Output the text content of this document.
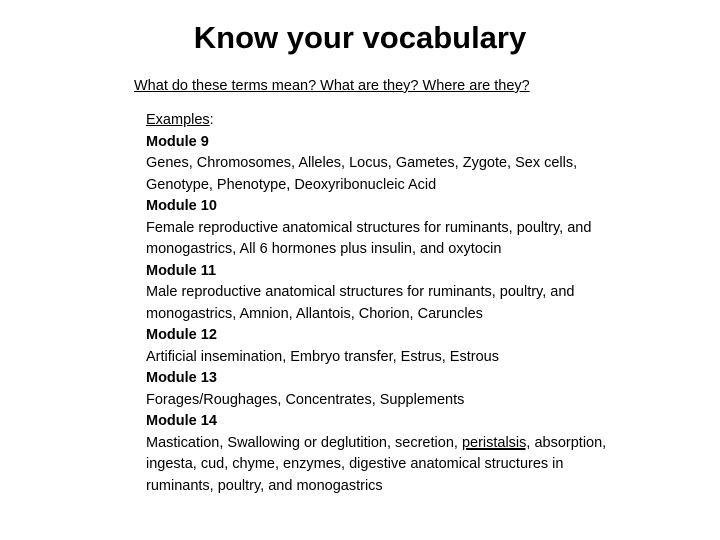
Know your vocabulary
What do these terms mean? What are they? Where are they?

Examples:

Module 9

Genes, Chromosomes, Alleles, Locus, Gametes, Zygote, Sex cells, Genotype, Phenotype, Deoxyribonucleic Acid

Module 10

Female reproductive anatomical structures for ruminants, poultry, and monogastrics, All 6 hormones plus insulin, and oxytocin

Module 11

Male reproductive anatomical structures for ruminants, poultry, and monogastrics, Amnion, Allantois, Chorion, Caruncles

Module 12

Artificial insemination, Embryo transfer, Estrus, Estrous

Module 13

Forages/Roughages, Concentrates, Supplements

Module 14

Mastication, Swallowing or deglutition, secretion, peristalsis, absorption, ingesta, cud, chyme, enzymes, digestive anatomical structures in ruminants, poultry, and monogastrics
